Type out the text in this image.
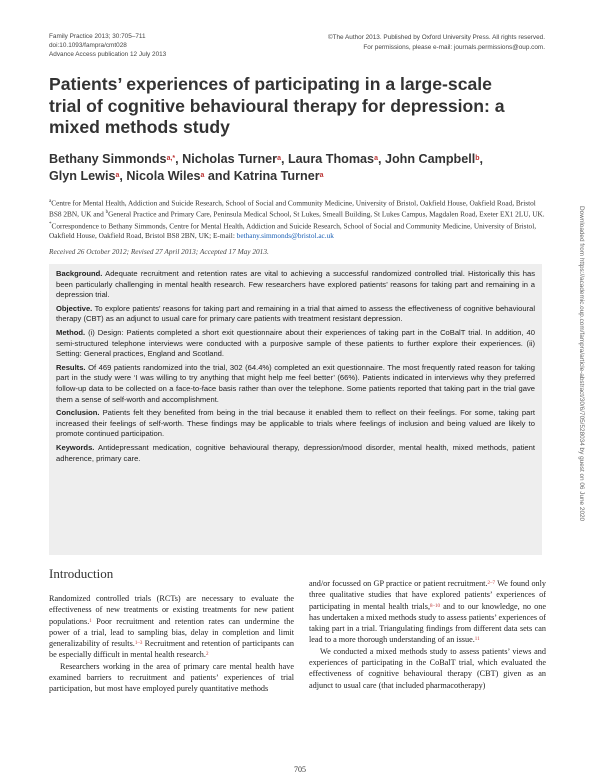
Family Practice 2013; 30:705–711
doi:10.1093/fampra/cmt028
Advance Access publication 12 July 2013
©The Author 2013. Published by Oxford University Press. All rights reserved.
For permissions, please e-mail: journals.permissions@oup.com.
Patients’ experiences of participating in a large-scale trial of cognitive behavioural therapy for depression: a mixed methods study
Bethany Simmonds$^{a,*}$, Nicholas Turner$^a$, Laura Thomas$^a$, John Campbell$^b$,
Glyn Lewis$^a$, Nicola Wiles$^a$ and Katrina Turner$^a$

$^a$Centre for Mental Health, Addiction and Suicide Research, School of Social and Community Medicine, University of Bristol, Oakfield House, Oakfield Road, Bristol BS8 2BN, UK and $^b$General Practice and Primary Care, Peninsula Medical School, St Lukes, Smeall Building, St Lukes Campus, Magdalen Road, Exeter EX1 2LU, UK.

*Correspondence to Bethany Simmonds, Centre for Mental Health, Addiction and Suicide Research, School of Social and Community Medicine, University of Bristol, Oakfield House, Oakfield Road, Bristol BS8 2BN, UK; E-mail: bethany.simmonds@bristol.ac.uk

Received 26 October 2012; Revised 27 April 2013; Accepted 17 May 2013.
Background. Adequate recruitment and retention rates are vital to achieving a successful randomized controlled trial. Historically this has been particularly challenging in mental health research. Few researchers have explored patients’ reasons for taking part and remaining in a depression trial.
Objective. To explore patients’ reasons for taking part and remaining in a trial that aimed to assess the effectiveness of cognitive behavioural therapy (CBT) as an adjunct to usual care for primary care patients with treatment resistant depression.
Method. (i) Design: Patients completed a short exit questionnaire about their experiences of taking part in the CoBalT trial. In addition, 40 semi-structured telephone interviews were conducted with a purposive sample of these patients to further explore their experiences. (ii) Setting: General practices, England and Scotland.
Results. Of 469 patients randomized into the trial, 302 (64.4%) completed an exit questionnaire. The most frequently rated reason for taking part in the study were ‘I was willing to try anything that might help me feel better’ (66%). Patients indicated in interviews why they preferred follow-up data to be collected on a face-to-face basis rather than over the telephone. Some patients reported that taking part in the trial gave them a sense of self-worth and accomplishment.
Conclusion. Patients felt they benefited from being in the trial because it enabled them to reflect on their feelings. For some, taking part increased their feelings of self-worth. These findings may be applicable to trials where feelings of inclusion and being valued are likely to promote continued participation.
Keywords. Antidepressant medication, cognitive behavioural therapy, depression/mood disorder, mental health, mixed methods, patient adherence, primary care.
Introduction

Randomized controlled trials (RCTs) are necessary to evaluate the effectiveness of new treatments or existing treatments for new patient populations.$^1$ Poor recruitment and retention rates can undermine the power of a trial, lead to sampling bias, delay in completion and limit generalizability of results.$^{1-3}$ Recruitment and retention of participants can be especially difficult in mental health research.$^2$

Researchers working in the area of primary care mental health have examined barriers to recruitment and patients’ experiences of trial participation, but most have employed purely quantitative methods

and/or focussed on GP practice or patient recruitment.$^{2-7}$ We found only three qualitative studies that have explored patients’ experiences of participating in mental health trials,$^{8-10}$ and to our knowledge, no one has undertaken a mixed methods study to assess patients’ experiences of taking part in a trial. Triangulating findings from different data sets can lead to a more thorough understanding of an issue.$^{11}$

We conducted a mixed methods study to assess patients’ views and experiences of participating in the CoBalT trial, which evaluated the effectiveness of cognitive behavioural therapy (CBT) given as an adjunct to usual care (that included pharmacotherapy)

705
Downloaded from https://academic.oup.com/fampra/article-abstract/30/6/705/528034 by guest on 06 June 2020
